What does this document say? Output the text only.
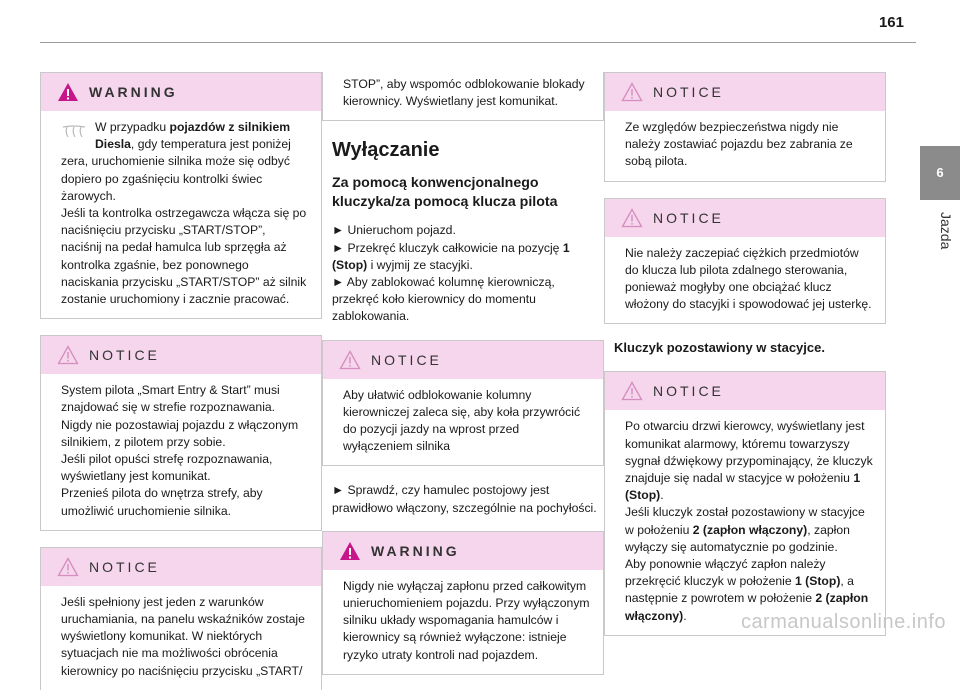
161
6
Jazda
WARNING
W przypadku pojazdów z silnikiem Diesla, gdy temperatura jest poniżej zera, uruchomienie silnika może się odbyć dopiero po zgaśnięciu kontrolki świec żarowych.
Jeśli ta kontrolka ostrzegawcza włącza się po naciśnięciu przycisku „START/STOP”, naciśnij na pedał hamulca lub sprzęgła aż kontrolka zgaśnie, bez ponownego naciskania przycisku „START/STOP” aż silnik zostanie uruchomiony i zacznie pracować.
NOTICE
System pilota „Smart Entry & Start” musi znajdować się w strefie rozpoznawania.
Nigdy nie pozostawiaj pojazdu z włączonym silnikiem, z pilotem przy sobie.
Jeśli pilot opuści strefę rozpoznawania, wyświetlany jest komunikat.
Przenieś pilota do wnętrza strefy, aby umożliwić uruchomienie silnika.
NOTICE
Jeśli spełniony jest jeden z warunków uruchamiania, na panelu wskaźników zostaje wyświetlony komunikat. W niektórych sytuacjach nie ma możliwości obrócenia kierownicy po naciśnięciu przycisku „START/
STOP”, aby wspomóc odblokowanie blokady kierownicy. Wyświetlany jest komunikat.
Wyłączanie
Za pomocą konwencjonalnego kluczyka/za pomocą klucza pilota
► Unieruchom pojazd.
► Przekręć kluczyk całkowicie na pozycję 1 (Stop) i wyjmij ze stacyjki.
► Aby zablokować kolumnę kierowniczą, przekręć koło kierownicy do momentu zablokowania.
NOTICE
Aby ułatwić odblokowanie kolumny kierowniczej zaleca się, aby koła przywrócić do pozycji jazdy na wprost przed wyłączeniem silnika
► Sprawdź, czy hamulec postojowy jest prawidłowo włączony, szczególnie na pochyłości.
WARNING
Nigdy nie wyłączaj zapłonu przed całkowitym unieruchomieniem pojazdu. Przy wyłączonym silniku układy wspomagania hamulców i kierownicy są również wyłączone: istnieje ryzyko utraty kontroli nad pojazdem.
NOTICE
Ze względów bezpieczeństwa nigdy nie należy zostawiać pojazdu bez zabrania ze sobą pilota.
NOTICE
Nie należy zaczepiać ciężkich przedmiotów do klucza lub pilota zdalnego sterowania, ponieważ mogłyby one obciążać klucz włożony do stacyjki i spowodować jej usterkę.
Kluczyk pozostawiony w stacyjce.
NOTICE
Po otwarciu drzwi kierowcy, wyświetlany jest komunikat alarmowy, któremu towarzyszy sygnał dźwiękowy przypominający, że kluczyk znajduje się nadal w stacyjce w położeniu 1 (Stop).
Jeśli kluczyk został pozostawiony w stacyjce w położeniu 2 (zapłon włączony), zapłon wyłączy się automatycznie po godzinie.
Aby ponownie włączyć zapłon należy przekręcić kluczyk w położenie 1 (Stop), a następnie z powrotem w położenie 2 (zapłon włączony).	carmanualsonline.info
